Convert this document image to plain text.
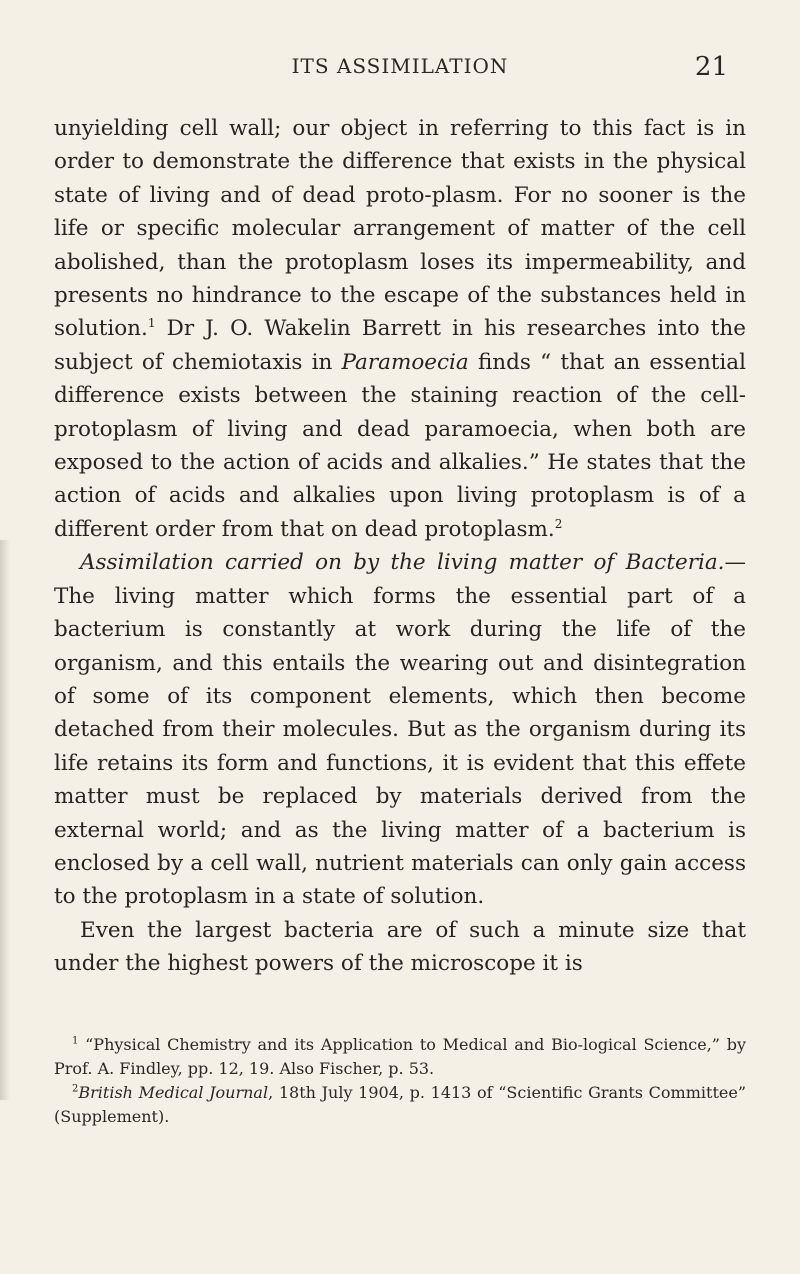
ITS ASSIMILATION	21

unyielding cell wall; our object in referring to this fact is in order to demonstrate the difference that exists in the physical state of living and of dead proto-plasm. For no sooner is the life or specific molecular arrangement of matter of the cell abolished, than the protoplasm loses its impermeability, and presents no hindrance to the escape of the substances held in solution.$^1$ Dr J. O. Wakelin Barrett in his researches into the subject of chemiotaxis in Paramoecia finds “ that an essential difference exists between the staining reaction of the cell-protoplasm of living and dead paramoecia, when both are exposed to the action of acids and alkalies.” He states that the action of acids and alkalies upon living protoplasm is of a different order from that on dead protoplasm.$^2$

Assimilation carried on by the living matter of Bacteria.—The living matter which forms the essential part of a bacterium is constantly at work during the life of the organism, and this entails the wearing out and disintegration of some of its component elements, which then become detached from their molecules. But as the organism during its life retains its form and functions, it is evident that this effete matter must be replaced by materials derived from the external world; and as the living matter of a bacterium is enclosed by a cell wall, nutrient materials can only gain access to the protoplasm in a state of solution.

Even the largest bacteria are of such a minute size that under the highest powers of the microscope it is

$^1$ “Physical Chemistry and its Application to Medical and Bio-logical Science,” by Prof. A. Findley, pp. 12, 19. Also Fischer, p. 53.

$^2$British Medical Journal, 18th July 1904, p. 1413 of “Scientific Grants Committee” (Supplement).
